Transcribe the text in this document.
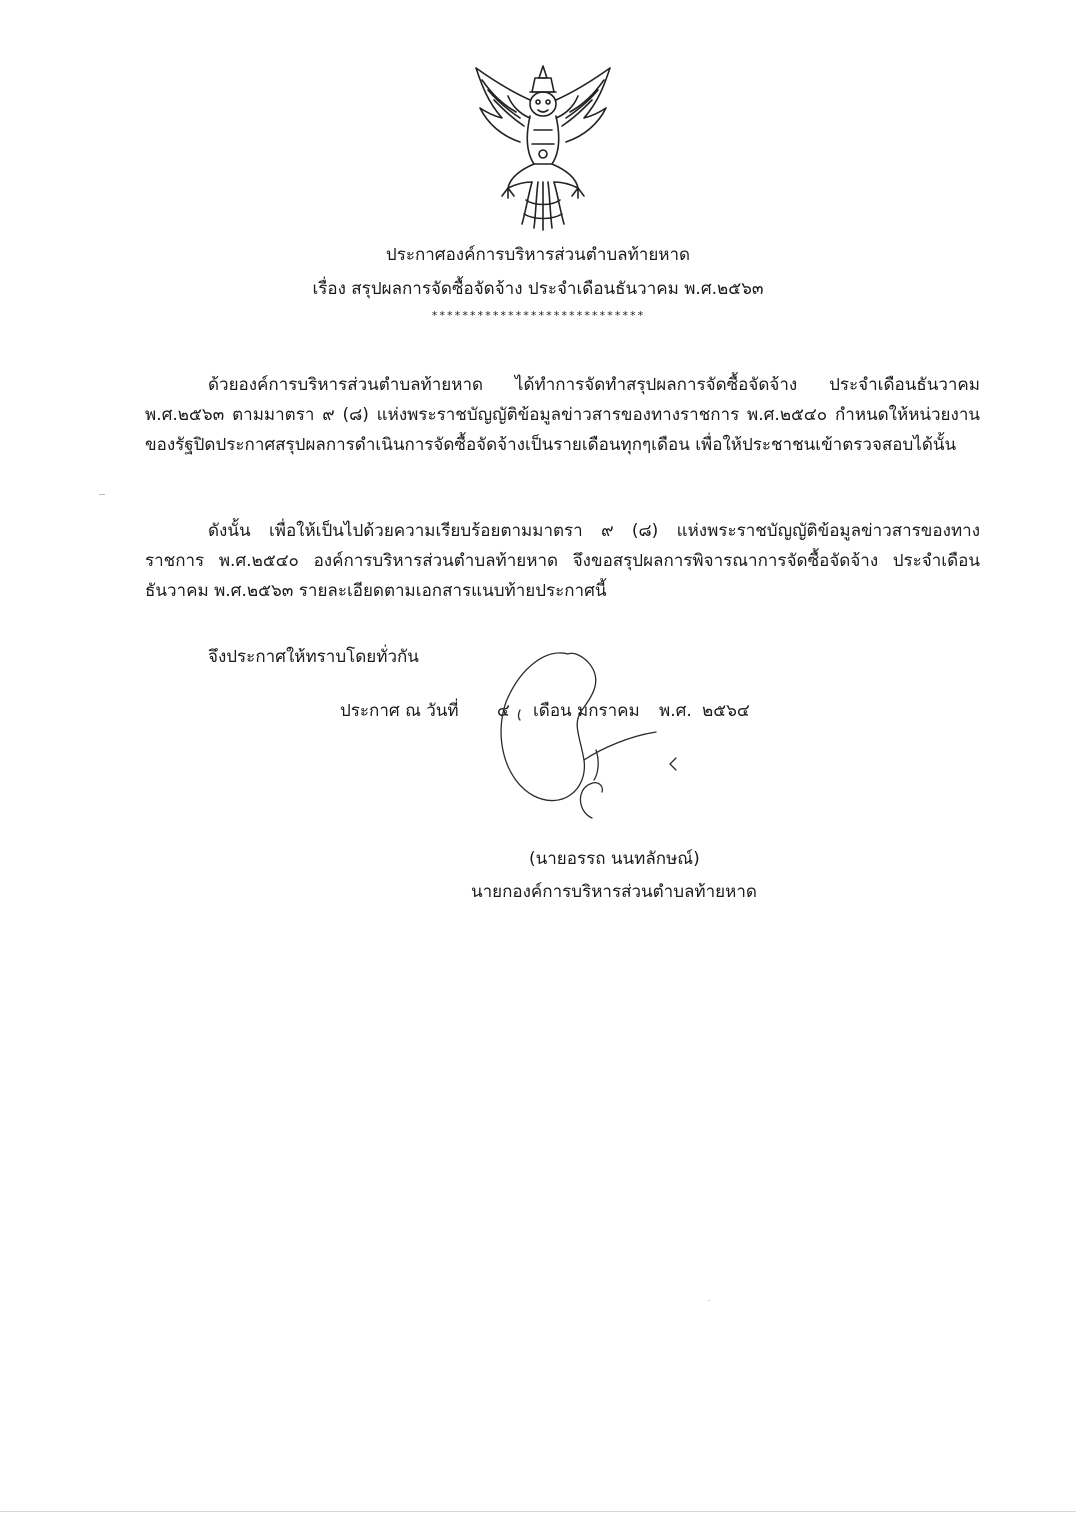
ประกาศองค์การบริหารส่วนตำบลท้ายหาด
เรื่อง สรุปผลการจัดซื้อจัดจ้าง ประจำเดือนธันวาคม พ.ศ.๒๕๖๓
****************************
ด้วยองค์การบริหารส่วนตำบลท้ายหาด ได้ทำการจัดทำสรุปผลการจัดซื้อจัดจ้าง ประจำเดือนธันวาคม พ.ศ.๒๕๖๓ ตามมาตรา ๙ (๘) แห่งพระราชบัญญัติข้อมูลข่าวสารของทางราชการ พ.ศ.๒๕๔๐ กำหนดให้หน่วยงานของรัฐปิดประกาศสรุปผลการดำเนินการจัดซื้อจัดจ้างเป็นรายเดือนทุกๆเดือน เพื่อให้ประชาชนเข้าตรวจสอบได้นั้น
ดังนั้น เพื่อให้เป็นไปด้วยความเรียบร้อยตามมาตรา ๙ (๘) แห่งพระราชบัญญัติข้อมูลข่าวสารของทางราชการ พ.ศ.๒๕๔๐ องค์การบริหารส่วนตำบลท้ายหาด จึงขอสรุปผลการพิจารณาการจัดซื้อจัดจ้าง ประจำเดือนธันวาคม พ.ศ.๒๕๖๓ รายละเอียดตามเอกสารแนบท้ายประกาศนี้
จึงประกาศให้ทราบโดยทั่วกัน
ประกาศ ณ วันที่ ๔ เดือน มกราคม พ.ศ. ๒๕๖๔
(นายอรรถ นนทลักษณ์)
นายกองค์การบริหารส่วนตำบลท้ายหาด
